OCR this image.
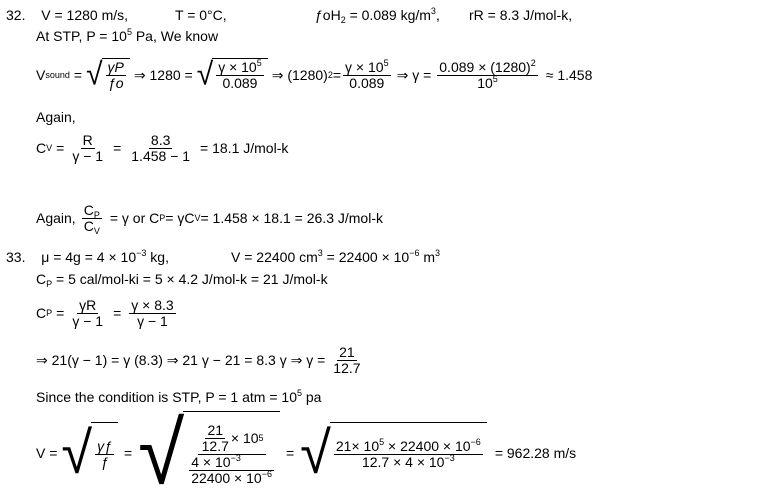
32. V = 1280 m/s,	T = 0°C,	ƒoH$_2$ = 0.089 $kg/m^3$, rR = 8.3 J/mol-k,
At STP, $P = 10^5$ Pa, We know
V sound = √ $\frac{\gamma P}{ƒo}$ ⇒ 1280 = √ $\frac{\gamma \times 10^5}{0.089}$ ⇒ (1280) $2 = \frac{\gamma \times 10^5}{0.089}$ ⇒ $\gamma = \frac{0.089 \times (1280)^2}{10^5} \approx 1.458$
Again,
C $V = \frac{R}{\gamma - 1} = \frac{8.3}{1.458 - 1} = 18.1$ J/mol-k
Again, $\frac{C_P}{C_V} = \gamma$ or C P = γC V = 1.458 × 18.1 = 26.3 J/mol-k
33. $\mu = 4g = 4 \times 10^{-3}$ kg,	V = 22400 $cm^3 = 22400 \times 10^{-6}$ $m^3$
$C_P = 5$ cal/mol-ki = 5 × 4.2 J/mol-k = 21 J/mol-k
C $P = \frac{\gamma R}{\gamma - 1} = \frac{\gamma \times 8.3}{\gamma - 1}$
⇒ 21(γ − 1) = γ (8.3) ⇒ 21 γ − 21 = 8.3 γ ⇒ $\gamma = \frac{21}{12.7}$
Since the condition is STP, P = 1 atm = $10^5$ pa
V = √ $\frac{\gamma ƒ}{ƒ}$ = √ $\frac{\frac{21}{12.7} \times 10 5}{\frac{4 \times 10^{-3}}{22400 \times 10^{-6}}}$ = √ $\frac{21\times 10^5 \times 22400 \times 10^{-6}}{12.7 \times 4 \times 10^{-3}} = 962.28$ m/s
